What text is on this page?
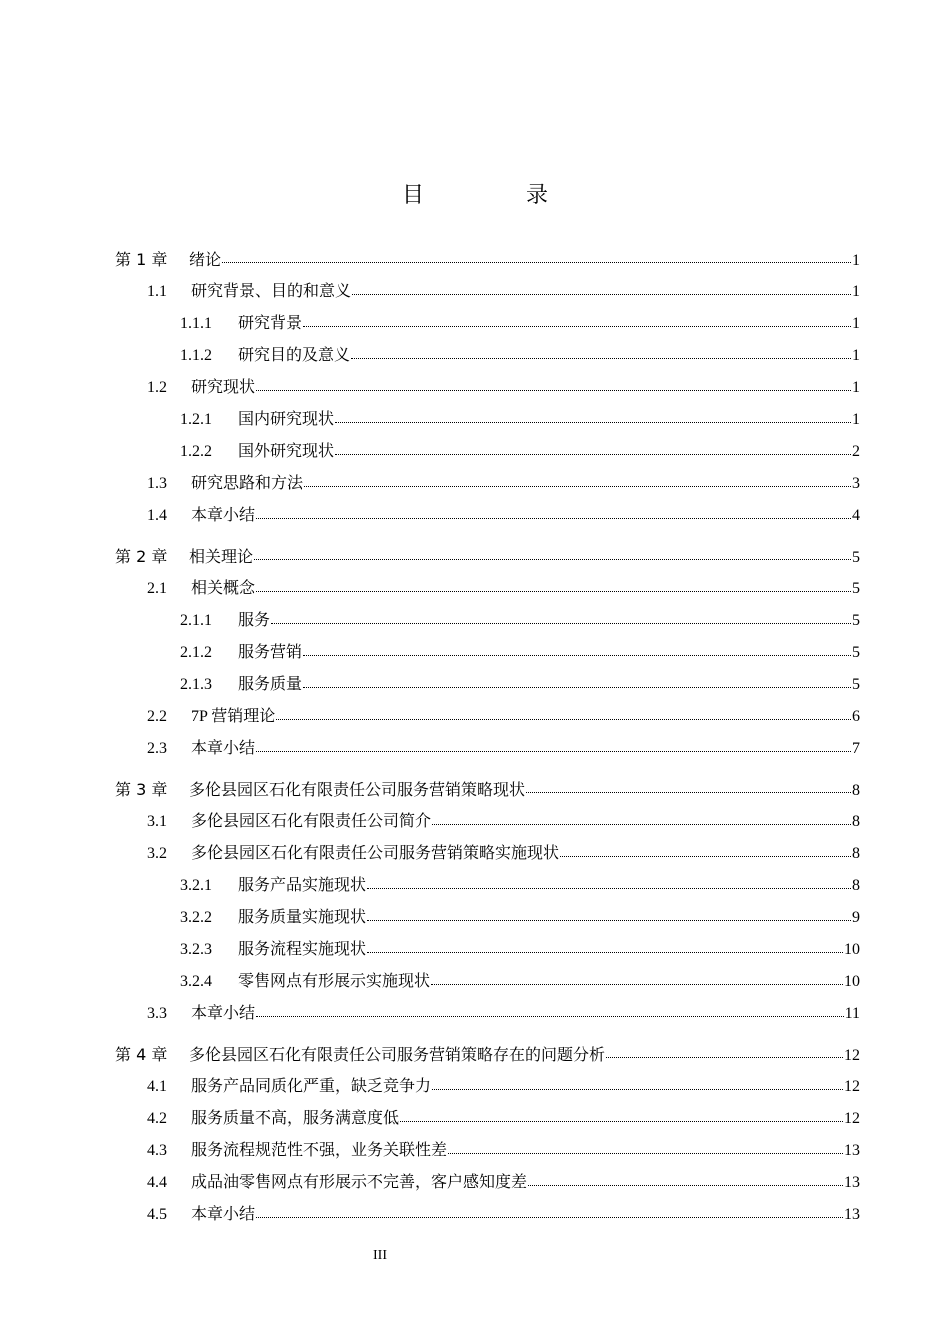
目　录
第 1 章	绪论	1
1.1	研究背景、目的和意义	1
1.1.1	研究背景	1
1.1.2	研究目的及意义	1
1.2	研究现状	1
1.2.1	国内研究现状	1
1.2.2	国外研究现状	2
1.3	研究思路和方法	3
1.4	本章小结	4
第 2 章	相关理论	5
2.1	相关概念	5
2.1.1	服务	5
2.1.2	服务营销	5
2.1.3	服务质量	5
2.2	7P 营销理论	6
2.3	本章小结	7
第 3 章	多伦县园区石化有限责任公司服务营销策略现状	8
3.1	多伦县园区石化有限责任公司简介	8
3.2	多伦县园区石化有限责任公司服务营销策略实施现状	8
3.2.1	服务产品实施现状	8
3.2.2	服务质量实施现状	9
3.2.3	服务流程实施现状	10
3.2.4	零售网点有形展示实施现状	10
3.3	本章小结	11
第 4 章	多伦县园区石化有限责任公司服务营销策略存在的问题分析	12
4.1	服务产品同质化严重，缺乏竞争力	12
4.2	服务质量不高，服务满意度低	12
4.3	服务流程规范性不强，业务关联性差	13
4.4	成品油零售网点有形展示不完善，客户感知度差	13
4.5	本章小结	13
III
